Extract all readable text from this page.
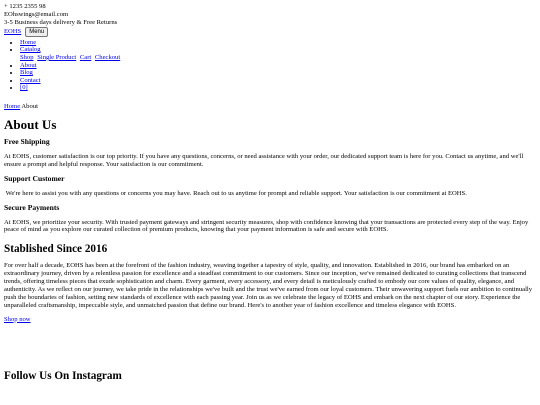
+ 1235 2355 98
EOhswings@email.com
3-5 Business days delivery & Free Returns
EOHS	Menu
• Home
• Catalog
Shop Single Product Cart Checkout
• About
• Blog
• Contact
• [0]
Home About
About Us
Free Shipping

At EOHS, customer satisfaction is our top priority. If you have any questions, concerns, or need assistance with your order, our dedicated support team is here for you. Contact us anytime, and we'll ensure a prompt and helpful response. Your satisfaction is our commitment.

Support Customer

We're here to assist you with any questions or concerns you may have. Reach out to us anytime for prompt and reliable support. Your satisfaction is our commitment at EOHS.

Secure Payments

At EOHS, we prioritize your security. With trusted payment gateways and stringent security measures, shop with confidence knowing that your transactions are protected every step of the way. Enjoy peace of mind as you explore our curated collection of premium products, knowing that your payment information is safe and secure with EOHS.

Stablished Since 2016

For over half a decade, EOHS has been at the forefront of the fashion industry, weaving together a tapestry of style, quality, and innovation. Established in 2016, our brand has embarked on an extraordinary journey, driven by a relentless passion for excellence and a steadfast commitment to our customers. Since our inception, we've remained dedicated to curating collections that transcend trends, offering timeless pieces that exude sophistication and charm. Every garment, every accessory, and every detail is meticulously crafted to embody our core values of quality, elegance, and authenticity. As we reflect on our journey, we take pride in the relationships we've built and the trust we've earned from our loyal customers. Their unwavering support fuels our ambition to continually push the boundaries of fashion, setting new standards of excellence with each passing year. Join us as we celebrate the legacy of EOHS and embark on the next chapter of our story. Experience the unparalleled craftsmanship, impeccable style, and unmatched passion that define our brand. Here's to another year of fashion excellence and timeless elegance with EOHS.

Shop now
Follow Us On Instagram
